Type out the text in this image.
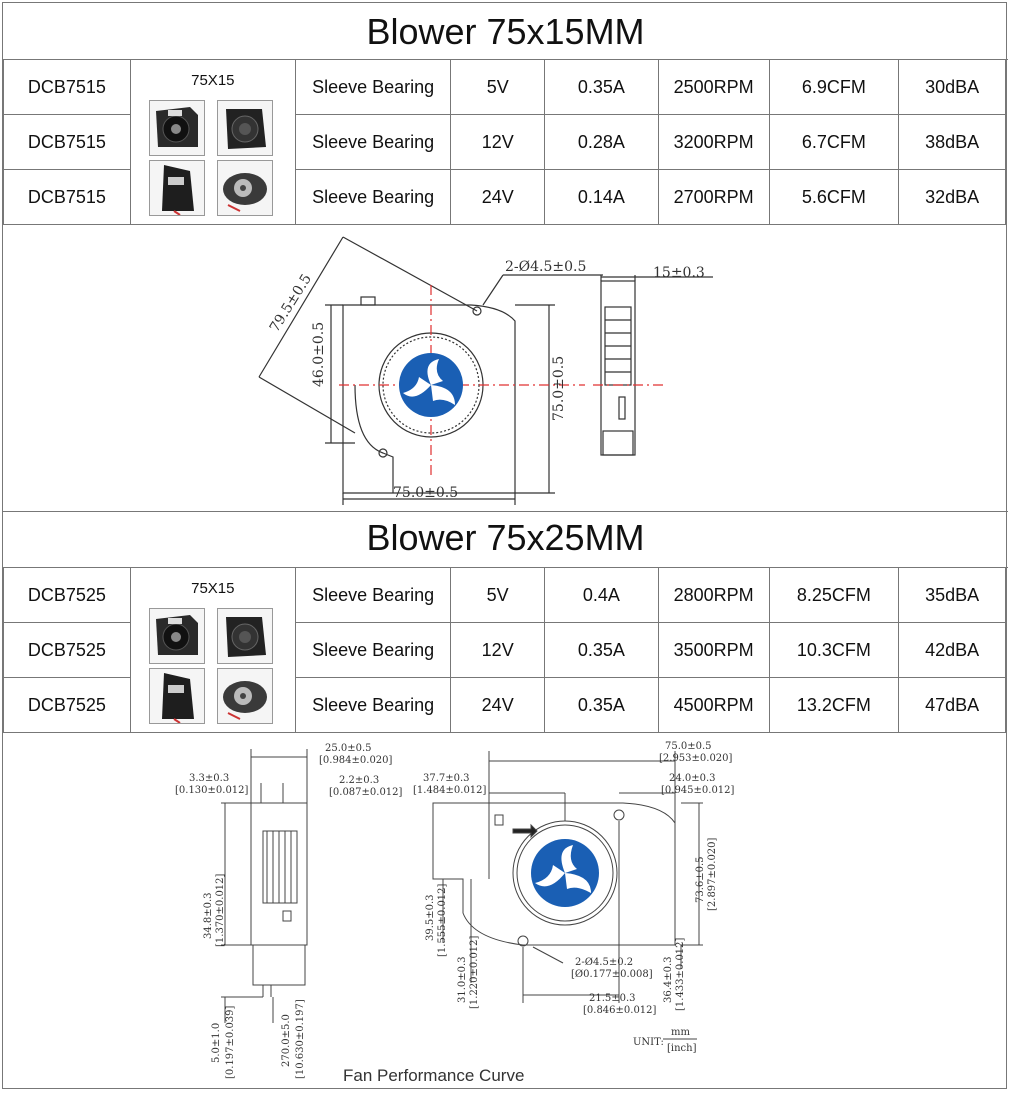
Blower 75x15MM
DCB7515	75X15	Sleeve Bearing	5V	0.35A	2500RPM	6.9CFM	30dBA
DCB7515		Sleeve Bearing	12V	0.28A	3200RPM	6.7CFM	38dBA
DCB7515		Sleeve Bearing	24V	0.14A	2700RPM	5.6CFM	32dBA
2-Ø4.5±0.5	15±0.3
75.0±0.5
75.0±0.5
46.0±0.5
79.5±0.5
Blower 75x25MM
DCB7525	75X15	Sleeve Bearing	5V	0.4A	2800RPM	8.25CFM	35dBA
DCB7525		Sleeve Bearing	12V	0.35A	3500RPM	10.3CFM	42dBA
DCB7525		Sleeve Bearing	24V	0.35A	4500RPM	13.2CFM	47dBA
25.0±0.5
[0.984±0.020]
3.3±0.3
[0.130±0.012]
2.2±0.3
[0.087±0.012]
34.8±0.3 [1.370±0.012]
5.0±1.0 [0.197±0.039]	270.0±5.0 [10.630±0.197]
75.0±0.5
[2.953±0.020]
37.7±0.3
[1.484±0.012]
24.0±0.3
[0.945±0.012]
73.6±0.5 [2.897±0.020]
39.5±0.3 [1.555±0.012]
31.0±0.3 [1.220±0.012]	2-Ø4.5±0.2
[Ø0.177±0.008] 36.4±0.3 [1.433±0.012]
21.5±0.3
[0.846±0.012]
UNIT:
mm
[inch]
Fan Performance Curve
